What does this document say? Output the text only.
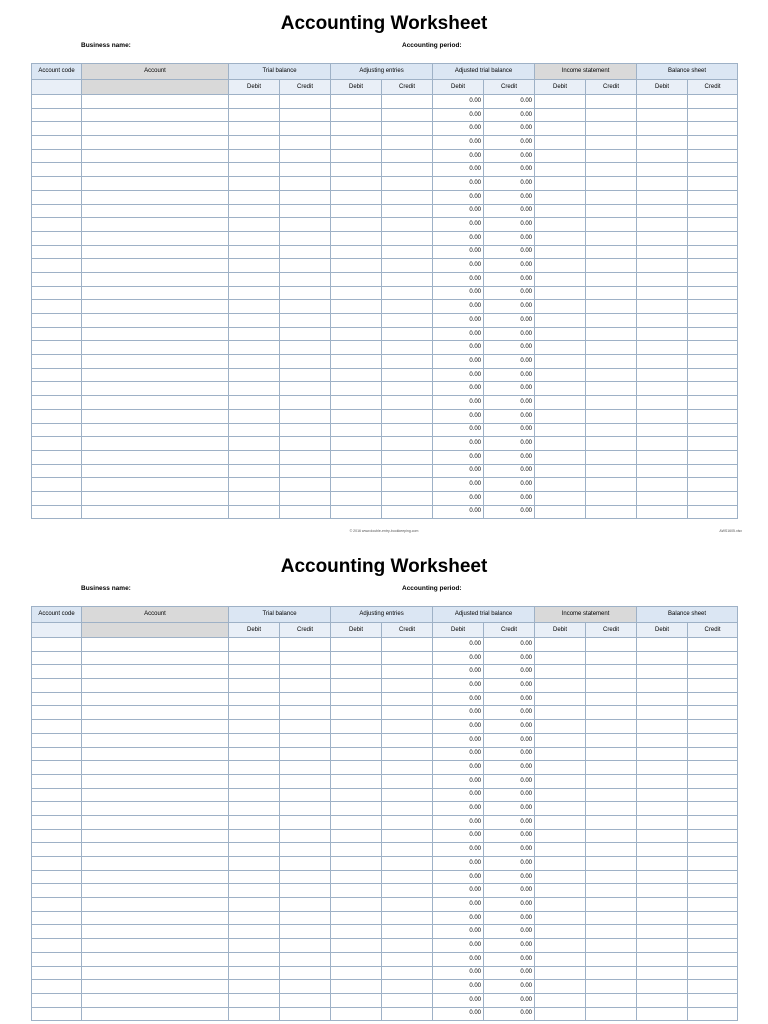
Accounting Worksheet
Business name:	Accounting period:
Account code	Account	Trial balance		Adjusting entries		Adjusted trial balance		Income statement		Balance sheet	
		Debit	Credit	Debit	Credit	Debit	Credit	Debit	Credit	Debit	Credit
						0.00	0.00				
						0.00	0.00				
						0.00	0.00				
						0.00	0.00				
						0.00	0.00				
						0.00	0.00				
						0.00	0.00				
						0.00	0.00				
						0.00	0.00				
						0.00	0.00				
						0.00	0.00				
						0.00	0.00				
						0.00	0.00				
						0.00	0.00				
						0.00	0.00				
						0.00	0.00				
						0.00	0.00				
						0.00	0.00				
						0.00	0.00				
						0.00	0.00				
						0.00	0.00				
						0.00	0.00				
						0.00	0.00				
						0.00	0.00				
						0.00	0.00				
						0.00	0.00				
						0.00	0.00				
						0.00	0.00				
						0.00	0.00				
						0.00	0.00				
						0.00	0.00				
© 2016 www.double-entry-bookkeeping.com	AWS1605.xlsx
Accounting Worksheet
Business name:	Accounting period:
Account code	Account	Trial balance		Adjusting entries		Adjusted trial balance		Income statement		Balance sheet	
		Debit	Credit	Debit	Credit	Debit	Credit	Debit	Credit	Debit	Credit
						0.00	0.00				
						0.00	0.00				
						0.00	0.00				
						0.00	0.00				
						0.00	0.00				
						0.00	0.00				
						0.00	0.00				
						0.00	0.00				
						0.00	0.00				
						0.00	0.00				
						0.00	0.00				
						0.00	0.00				
						0.00	0.00				
						0.00	0.00				
						0.00	0.00				
						0.00	0.00				
						0.00	0.00				
						0.00	0.00				
						0.00	0.00				
						0.00	0.00				
						0.00	0.00				
						0.00	0.00				
						0.00	0.00				
						0.00	0.00				
						0.00	0.00				
						0.00	0.00				
						0.00	0.00				
						0.00	0.00				
